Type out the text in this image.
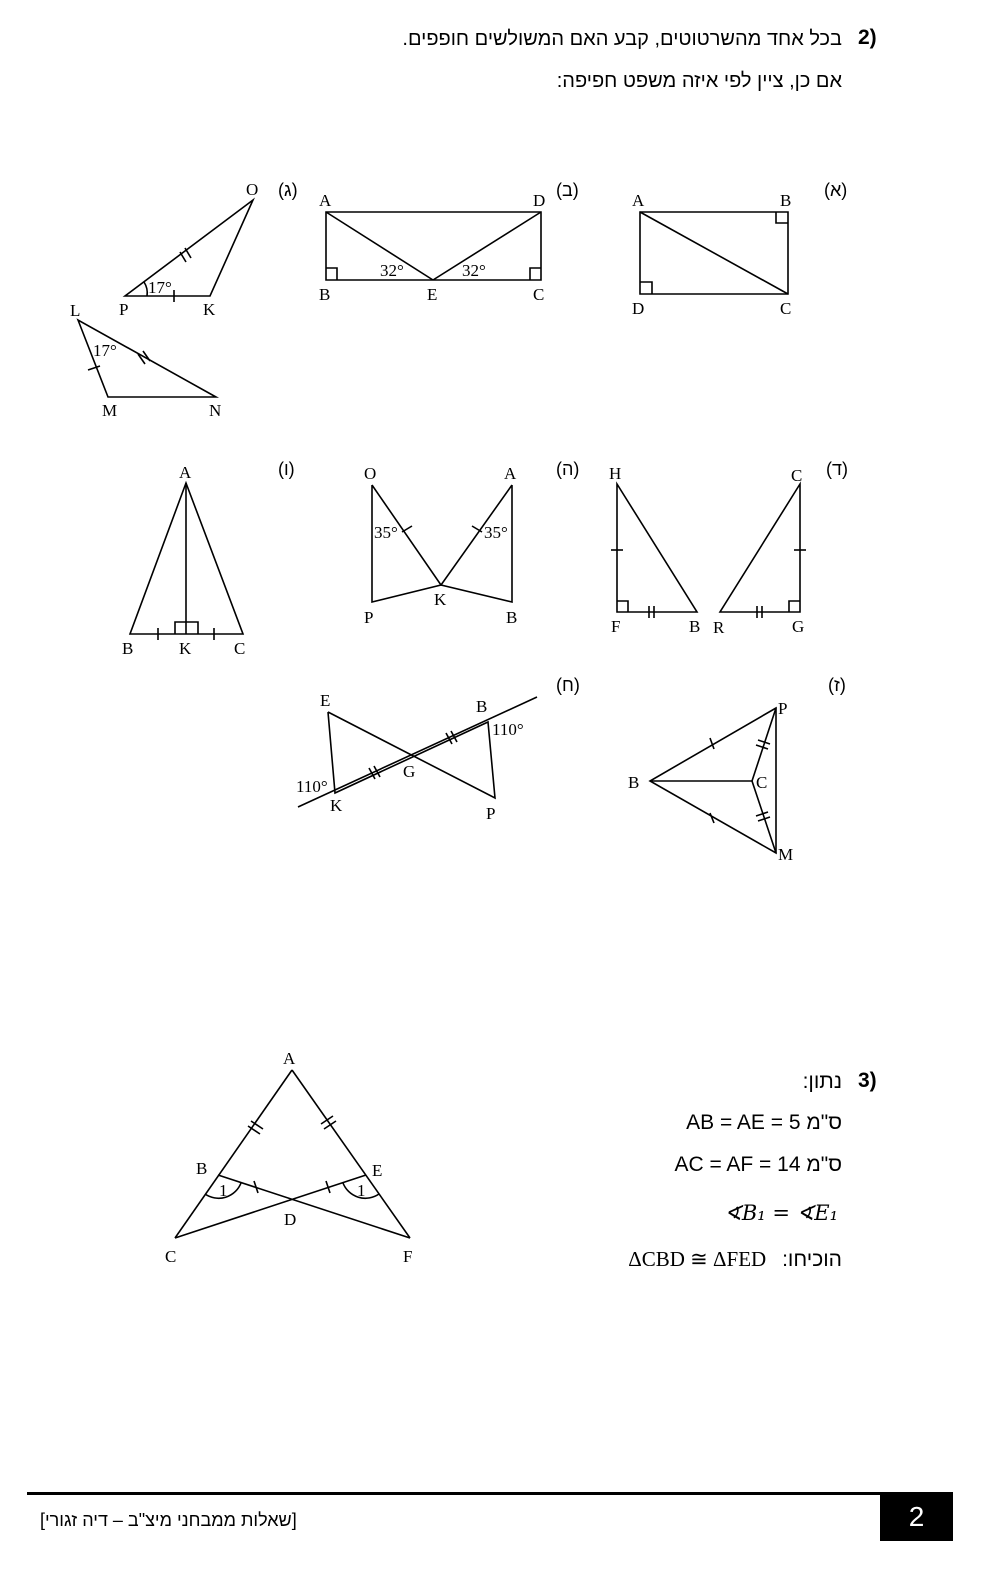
2)
בכל אחד מהשרטוטים, קבע האם המשולשים חופפים.
אם כן, ציין לפי איזה משפט חפיפה:
(א)
(ב)
(ג)
(ד)
(ה)
(ו)
(ז)
(ח)
A	B
D	C
A	D
B	E	C
32°	32°
O
P	K
17°
L
M	N
17°
H
F	B
C
R	G
O	A
P
K
B
35°	35°
A
B	K	C
P
B	C
M
E	B
G
K	P
110°
110°
A
B	E
D
C	F
1	1
3)
נתון:
AB = AE = 5 ס"מ
AC = AF = 14 ס"מ
∢B₁ = ∢E₁
הוכיחו: ΔCBD ≅ ΔFED
2
[שאלות ממבחני מיצ"ב – דיה זגורי]
